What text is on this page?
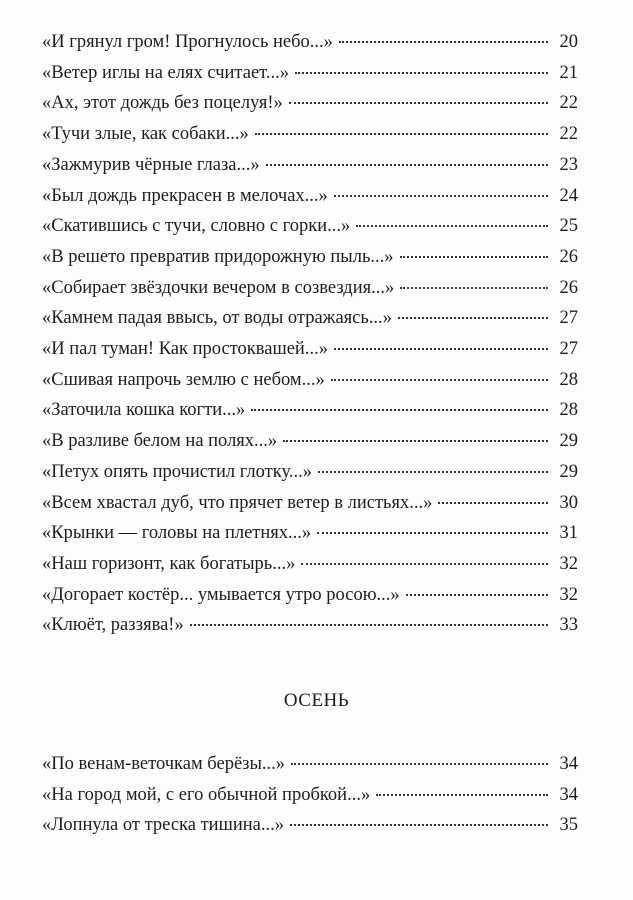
«И грянул гром! Прогнулось небо...»	20
«Ветер иглы на елях считает...»	21
«Ах, этот дождь без поцелуя!»	22
«Тучи злые, как собаки...»	22
«Зажмурив чёрные глаза...»	23
«Был дождь прекрасен в мелочах...»	24
«Скатившись с тучи, словно с горки...»	25
«В решето превратив придорожную пыль...»	26
«Собирает звёздочки вечером в созвездия...»	26
«Камнем падая ввысь, от воды отражаясь...»	27
«И пал туман! Как простоквашей...»	27
«Сшивая напрочь землю с небом...»	28
«Заточила кошка когти...»	28
«В разливе белом на полях...»	29
«Петух опять прочистил глотку...»	29
«Всем хвастал дуб, что прячет ветер в листьях...»	30
«Крынки — головы на плетнях...»	31
«Наш горизонт, как богатырь...»	32
«Догорает костёр... умывается утро росою...»	32
«Клюёт, раззява!»	33
ОСЕНЬ
«По венам-веточкам берёзы...»	34
«На город мой, с его обычной пробкой...»	34
«Лопнула от треска тишина...»	35
